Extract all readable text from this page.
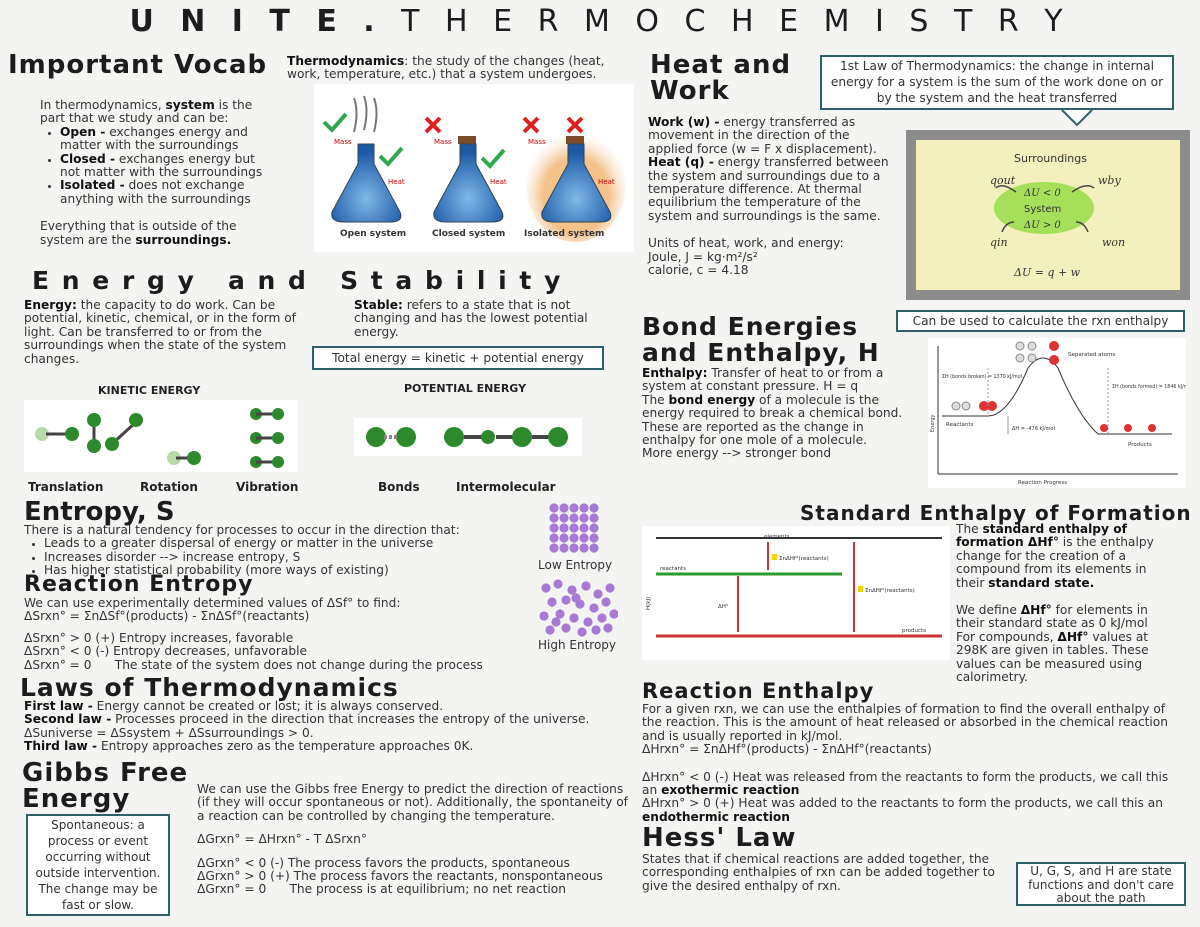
U N I T E . T H E R M O C H E M I S T R Y
Important Vocab Thermodynamics: the study of the changes (heat, work, temperature, etc.) that a system undergoes.
In thermodynamics, system is the part that we study and can be:
• Open - exchanges energy and matter with the surroundings
• Closed - exchanges energy but not matter with the surroundings
• Isolated - does not exchange anything with the surroundings
Everything that is outside of the system are the surroundings.
Mass
Heat
Open system
Mass
Heat
Closed system
Mass
Heat
Isolated system
Heat and
Work
1st Law of Thermodynamics: the change in internal energy for a system is the sum of the work done on or by the system and the heat transferred
Work (w) - energy transferred as movement in the direction of the applied force (w = F x displacement).
Heat (q) - energy transferred between the system and surroundings due to a temperature difference. At thermal equilibrium the temperature of the system and surroundings is the same.
Units of heat, work, and energy:
Joule, J = kg·m²/s²
calorie, c = 4.18
Surroundings
ΔU < 0
System
ΔU > 0
qout	wby
qin	won
ΔU = q + w
E n e r g y   a n d   S t a b i l i t y
Energy: the capacity to do work. Can be potential, kinetic, chemical, or in the form of light. Can be transferred to or from the surroundings when the state of the system changes.
Stable: refers to a state that is not changing and has the lowest potential energy.
Total energy = kinetic + potential energy
KINETIC ENERGY	POTENTIAL ENERGY
Translation	Rotation	Vibration	Bonds	Intermolecular
Bond Energies
and Enthalpy, H
Can be used to calculate the rxn enthalpy
Enthalpy: Transfer of heat to or from a system at constant pressure. H = q
The bond energy of a molecule is the energy required to break a chemical bond. These are reported as the change in enthalpy for one mole of a molecule.
More energy --> stronger bond
Separated atoms
Reactants
Products
Reaction Progress
ΔH = -476 kJ/mol
ΣH (bonds broken) = 1370 kJ/mol
ΣH (bonds formed) = 1846 kJ/mol
Energy
Entropy, S
There is a natural tendency for processes to occur in the direction that:
• Leads to a greater dispersal of energy or matter in the universe
• Increases disorder --> increase entropy, S
• Has higher statistical probability (more ways of existing)	Low Entropy
High Entropy
Reaction Entropy
We can use experimentally determined values of ΔSf° to find:
ΔSrxn° = ΣnΔSf°(products) - ΣnΔSf°(reactants)
ΔSrxn° > 0 (+) Entropy increases, favorable
ΔSrxn° < 0 (-) Entropy decreases, unfavorable
ΔSrxn° = 0      The state of the system does not change during the process
Laws of Thermodynamics
First law - Energy cannot be created or lost; it is always conserved.
Second law - Processes proceed in the direction that increases the entropy of the universe. ΔSuniverse = ΔSsystem + ΔSsurroundings > 0.
Third law - Entropy approaches zero as the temperature approaches 0K.
Gibbs Free
Energy
Spontaneous: a process or event occurring without outside intervention. The change may be fast or slow.
We can use the Gibbs free Energy to predict the direction of reactions (if they will occur spontaneous or not). Additionally, the spontaneity of a reaction can be controlled by changing the temperature.
ΔGrxn° = ΔHrxn° - T ΔSrxn°
ΔGrxn° < 0 (-) The process favors the products, spontaneous
ΔGrxn° > 0 (+) The process favors the reactants, nonspontaneous
ΔGrxn° = 0      The process is at equilibrium; no net reaction
Standard Enthalpy of Formation
elements
reactants
products
ΣnΔHf°(reactants)
ΣnΔHf°(reactants)
ΔH°
H(kJ)
The standard enthalpy of formation ΔHf° is the enthalpy change for the creation of a compound from its elements in their standard state.
We define ΔHf° for elements in their standard state as 0 kJ/mol For compounds, ΔHf° values at 298K are given in tables. These values can be measured using calorimetry.
Reaction Enthalpy
For a given rxn, we can use the enthalpies of formation to find the overall enthalpy of the reaction. This is the amount of heat released or absorbed in the chemical reaction and is usually reported in kJ/mol.
ΔHrxn° = ΣnΔHf°(products) - ΣnΔHf°(reactants)
ΔHrxn° < 0 (-) Heat was released from the reactants to form the products, we call this an exothermic reaction
ΔHrxn° > 0 (+) Heat was added to the reactants to form the products, we call this an endothermic reaction
Hess' Law
States that if chemical reactions are added together, the corresponding enthalpies of rxn can be added together to give the desired enthalpy of rxn.
U, G, S, and H are state functions and don't care about the path
